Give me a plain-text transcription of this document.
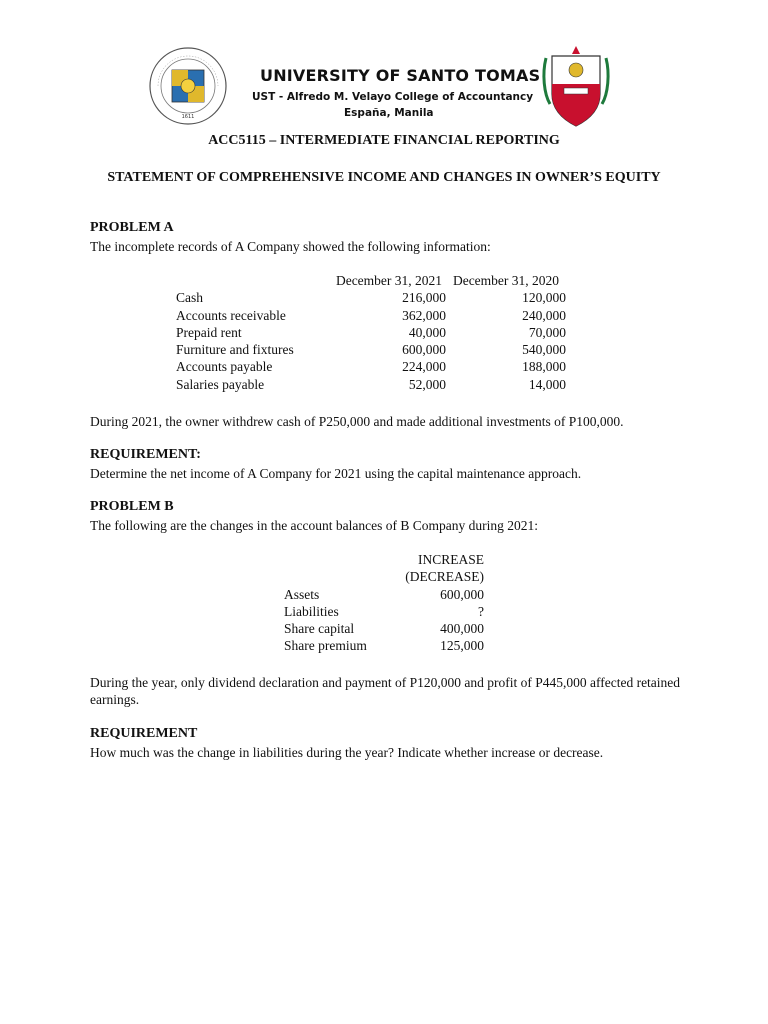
1611
UNIVERSITY OF SANTO TOMAS
UST - Alfredo M. Velayo College of Accountancy
España, Manila
ACC5115 – INTERMEDIATE FINANCIAL REPORTING
STATEMENT OF COMPREHENSIVE INCOME AND CHANGES IN OWNER’S EQUITY
PROBLEM A
The incomplete records of A Company showed the following information:
	December 31, 2021	December 31, 2020
Cash	216,000	120,000
Accounts receivable	362,000	240,000
Prepaid rent	40,000	70,000
Furniture and fixtures	600,000	540,000
Accounts payable	224,000	188,000
Salaries payable	52,000	14,000
During 2021, the owner withdrew cash of P250,000 and made additional investments of P100,000.
REQUIREMENT:
Determine the net income of A Company for 2021 using the capital maintenance approach.
PROBLEM B
The following are the changes in the account balances of B Company during 2021:
	INCREASE
	(DECREASE)
Assets	600,000
Liabilities	?
Share capital	400,000
Share premium	125,000
During the year, only dividend declaration and payment of P120,000 and profit of P445,000 affected retained earnings.
REQUIREMENT
How much was the change in liabilities during the year? Indicate whether increase or decrease.
